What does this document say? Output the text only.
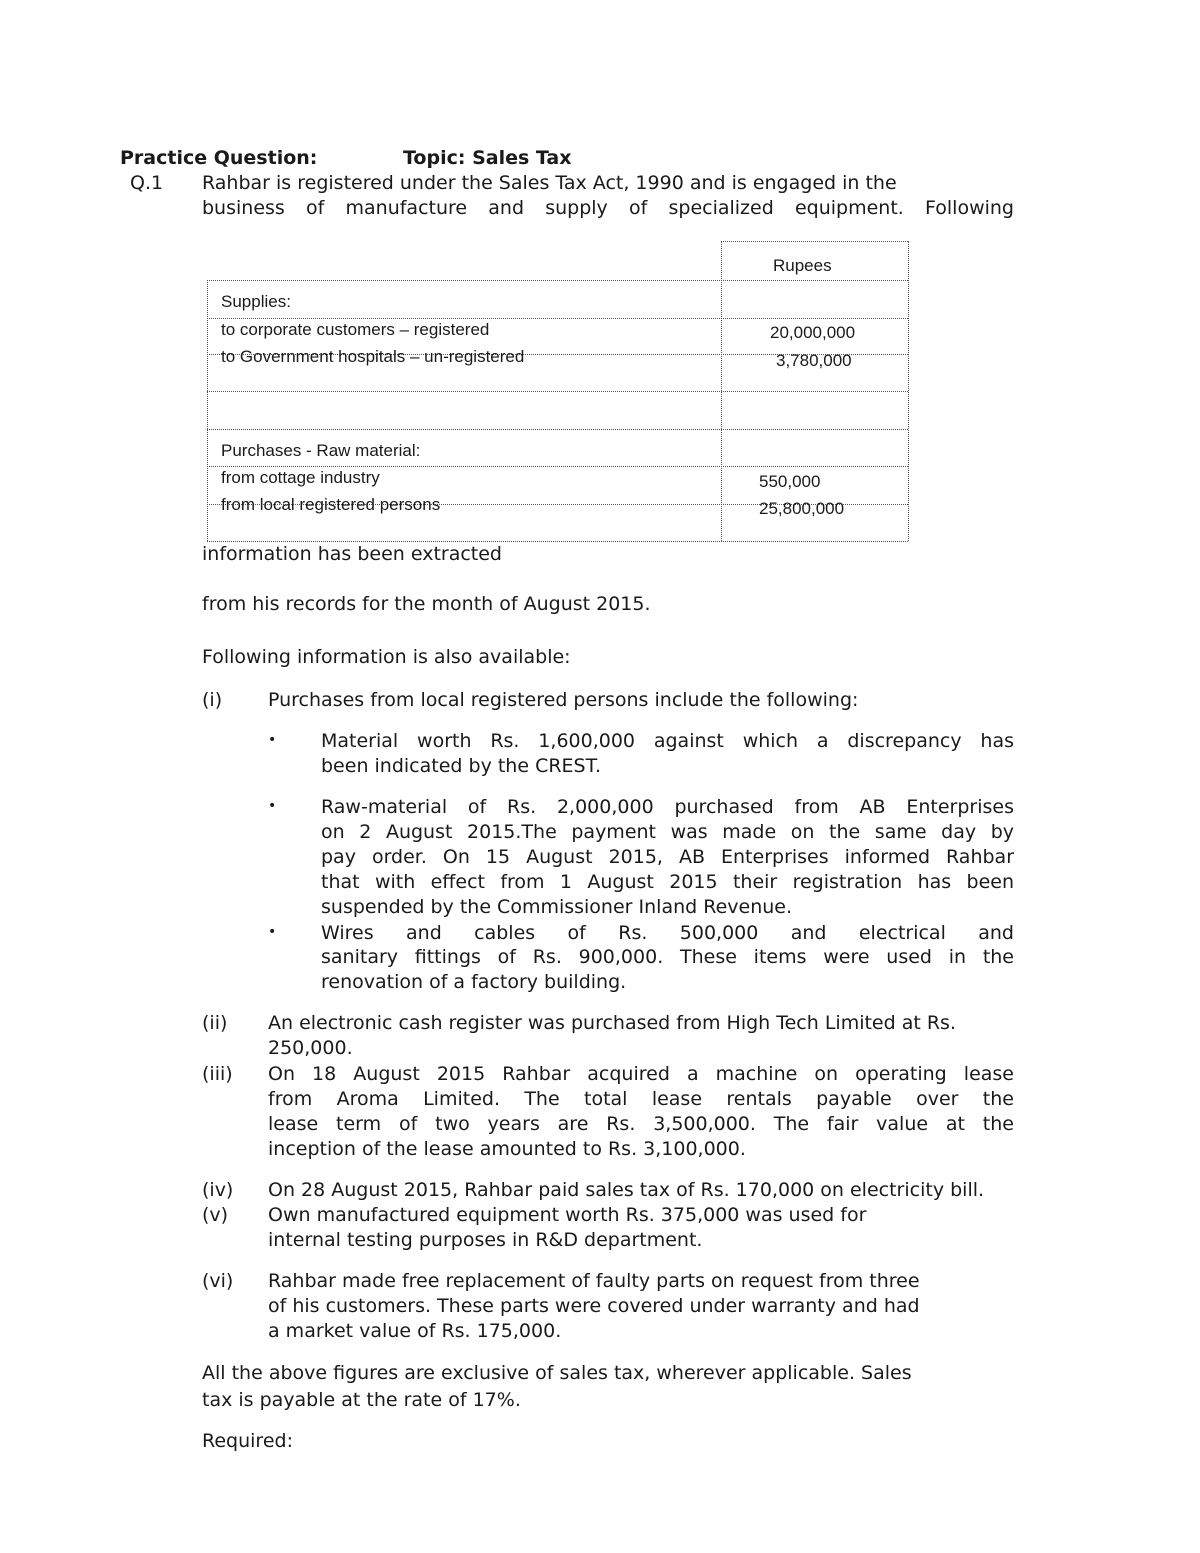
Practice Question:	Topic: Sales Tax
Q.1 Rahbar is registered under the Sales Tax Act, 1990 and is engaged in the
business of manufacture and supply of specialized equipment. Following
Rupees
Supplies:
to corporate customers – registered	20,000,000
to Government hospitals – un-registered	3,780,000
Purchases - Raw material:
from cottage industry	550,000
from local registered persons	25,800,000
information has been extracted
from his records for the month of August 2015.
Following information is also available:
(i) Purchases from local registered persons include the following:
• Material worth Rs. 1,600,000 against which a discrepancy has
been indicated by the CREST.
• Raw-material of Rs. 2,000,000 purchased from AB Enterprises
on 2 August 2015.The payment was made on the same day by
pay order. On 15 August 2015, AB Enterprises informed Rahbar
that with effect from 1 August 2015 their registration has been
suspended by the Commissioner Inland Revenue.
• Wires and cables of Rs. 500,000 and electrical and
sanitary fittings of Rs. 900,000. These items were used in the
renovation of a factory building.
(ii) An electronic cash register was purchased from High Tech Limited at Rs.
250,000.
(iii) On 18 August 2015 Rahbar acquired a machine on operating lease
from Aroma Limited. The total lease rentals payable over the
lease term of two years are Rs. 3,500,000. The fair value at the
inception of the lease amounted to Rs. 3,100,000.
(iv) On 28 August 2015, Rahbar paid sales tax of Rs. 170,000 on electricity bill.
(v) Own manufactured equipment worth Rs. 375,000 was used for
internal testing purposes in R&D department.
(vi) Rahbar made free replacement of faulty parts on request from three
of his customers. These parts were covered under warranty and had
a market value of Rs. 175,000.
All the above figures are exclusive of sales tax, wherever applicable. Sales
tax is payable at the rate of 17%.
Required:
